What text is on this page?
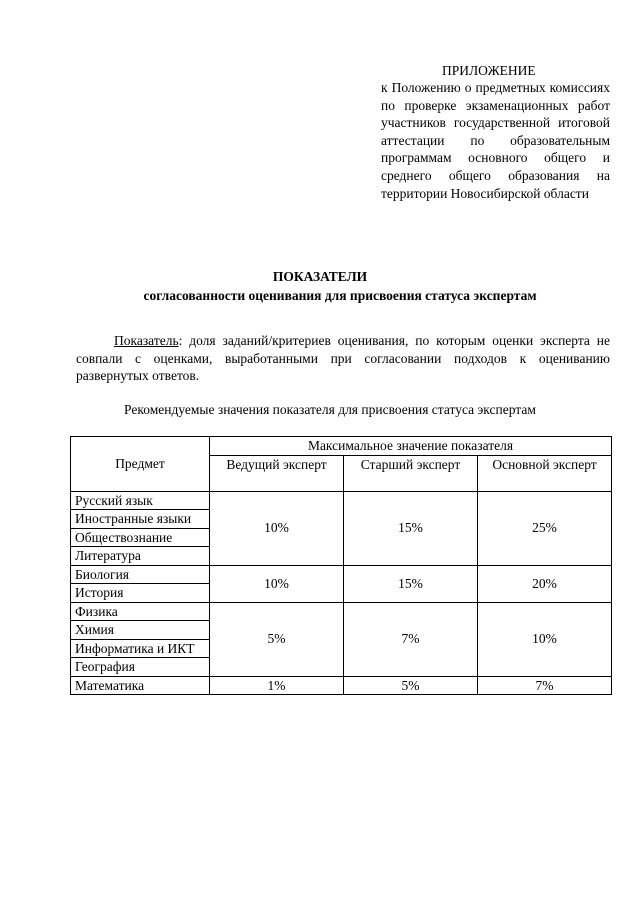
ПРИЛОЖЕНИЕ
к Положению о предметных комиссиях по проверке экзаменационных работ участников государственной итоговой аттестации по образовательным программам основного общего и среднего общего образования на территории Новосибирской области
ПОКАЗАТЕЛИ
согласованности оценивания для присвоения статуса экспертам
Показатель: доля заданий/критериев оценивания, по которым оценки эксперта не совпали с оценками, выработанными при согласовании подходов к оцениванию развернутых ответов.
Рекомендуемые значения показателя для присвоения статуса экспертам
Предмет	Максимальное значение показателя		
	Ведущий эксперт	Старший эксперт	Основной эксперт
Русский язык	10%	15%	25%
Иностранные языки			
Обществознание			
Литература			
Биология	10%	15%	20%
История			
Физика	5%	7%	10%
Химия			
Информатика и ИКТ			
География			
Математика	1%	5%	7%
